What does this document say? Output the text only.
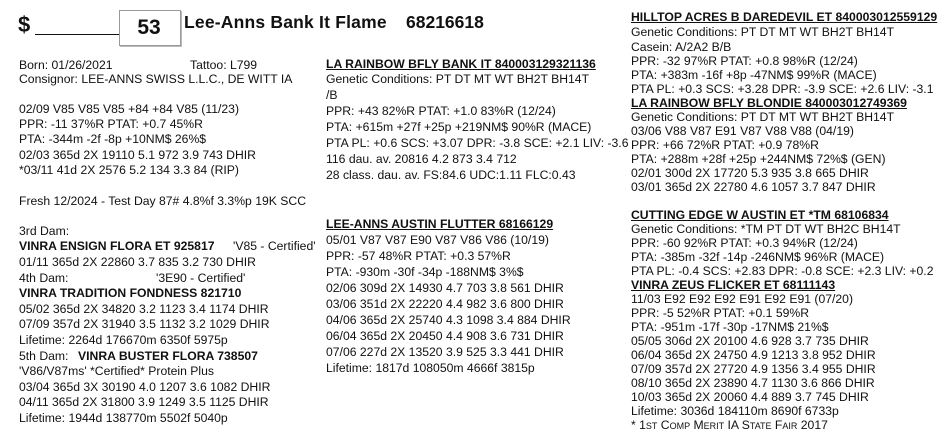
$	53	Lee-Anns Bank It Flame 68216618
Born: 01/26/2021	Tattoo: L799
Consignor: LEE-ANNS SWISS L.L.C., DE WITT IA
02/09 V85 V85 V85 +84 +84 V85 (11/23)
PPR: -11 37%R PTAT: +0.7 45%R
PTA: -344m -2f -8p +10NM$ 26%$
02/03 365d 2X 19110 5.1 972 3.9 743 DHIR
*03/11 41d 2X 2576 5.2 134 3.3 84 (RIP)
Fresh 12/2024 - Test Day 87# 4.8%f 3.3%p 19K SCC
3rd Dam:
VINRA ENSIGN FLORA ET 925817 'V85 - Certified'
01/11 365d 2X 22860 3.7 835 3.2 730 DHIR
4th Dam:	'3E90 - Certified'
VINRA TRADITION FONDNESS 821710
05/02 365d 2X 34820 3.2 1123 3.4 1174 DHIR
07/09 357d 2X 31940 3.5 1132 3.2 1029 DHIR
Lifetime: 2264d 176670m 6350f 5975p
5th Dam: VINRA BUSTER FLORA 738507
'V86/V87ms' *Certified* Protein Plus
03/04 365d 3X 30190 4.0 1207 3.6 1082 DHIR
04/11 365d 2X 31800 3.9 1249 3.5 1125 DHIR
Lifetime: 1944d 138770m 5502f 5040p
LA RAINBOW BFLY BANK IT 840003129321136
Genetic Conditions: PT DT MT WT BH2T BH14T
/B
PPR: +43 82%R PTAT: +1.0 83%R (12/24)
PTA: +615m +27f +25p +219NM$ 90%R (MACE)
PTA PL: +0.6 SCS: +3.07 DPR: -3.8 SCE: +2.1 LIV: -3.6
116 dau. av. 20816 4.2 873 3.4 712
28 class. dau. av. FS:84.6 UDC:1.11 FLC:0.43
LEE-ANNS AUSTIN FLUTTER 68166129
05/01 V87 V87 E90 V87 V86 V86 (10/19)
PPR: -57 48%R PTAT: +0.3 57%R
PTA: -930m -30f -34p -188NM$ 3%$
02/06 309d 2X 14930 4.7 703 3.8 561 DHIR
03/06 351d 2X 22220 4.4 982 3.6 800 DHIR
04/06 365d 2X 25740 4.3 1098 3.4 884 DHIR
06/04 365d 2X 20450 4.4 908 3.6 731 DHIR
07/06 227d 2X 13520 3.9 525 3.3 441 DHIR
Lifetime: 1817d 108050m 4666f 3815p
HILLTOP ACRES B DAREDEVIL ET 840003012559129
Genetic Conditions: PT DT MT WT BH2T BH14T
Casein: A/2A2 B/B
PPR: -32 97%R PTAT: +0.8 98%R (12/24)
PTA: +383m -16f +8p -47NM$ 99%R (MACE)
PTA PL: +0.3 SCS: +3.28 DPR: -3.9 SCE: +2.6 LIV: -3.1
LA RAINBOW BFLY BLONDIE 840003012749369
Genetic Conditions: PT DT MT WT BH2T BH14T
03/06 V88 V87 E91 V87 V88 V88 (04/19)
PPR: +66 72%R PTAT: +0.9 78%R
PTA: +288m +28f +25p +244NM$ 72%$ (GEN)
02/01 300d 2X 17720 5.3 935 3.8 665 DHIR
03/01 365d 2X 22780 4.6 1057 3.7 847 DHIR
CUTTING EDGE W AUSTIN ET *TM 68106834
Genetic Conditions: *TM PT DT WT BH2C BH14T
PPR: -60 92%R PTAT: +0.3 94%R (12/24)
PTA: -385m -32f -14p -246NM$ 96%R (MACE)
PTA PL: -0.4 SCS: +2.83 DPR: -0.8 SCE: +2.3 LIV: +0.2
VINRA ZEUS FLICKER ET 68111143
11/03 E92 E92 E92 E91 E92 E91 (07/20)
PPR: -5 52%R PTAT: +0.1 59%R
PTA: -951m -17f -30p -17NM$ 21%$
05/05 306d 2X 20100 4.6 928 3.7 735 DHIR
06/04 365d 2X 24750 4.9 1213 3.8 952 DHIR
07/09 357d 2X 27720 4.9 1356 3.4 955 DHIR
08/10 365d 2X 23890 4.7 1130 3.6 866 DHIR
10/03 365d 2X 20060 4.4 889 3.7 745 DHIR
Lifetime: 3036d 184110m 8690f 6733p
* 1st Comp Merit IA State Fair 2017
